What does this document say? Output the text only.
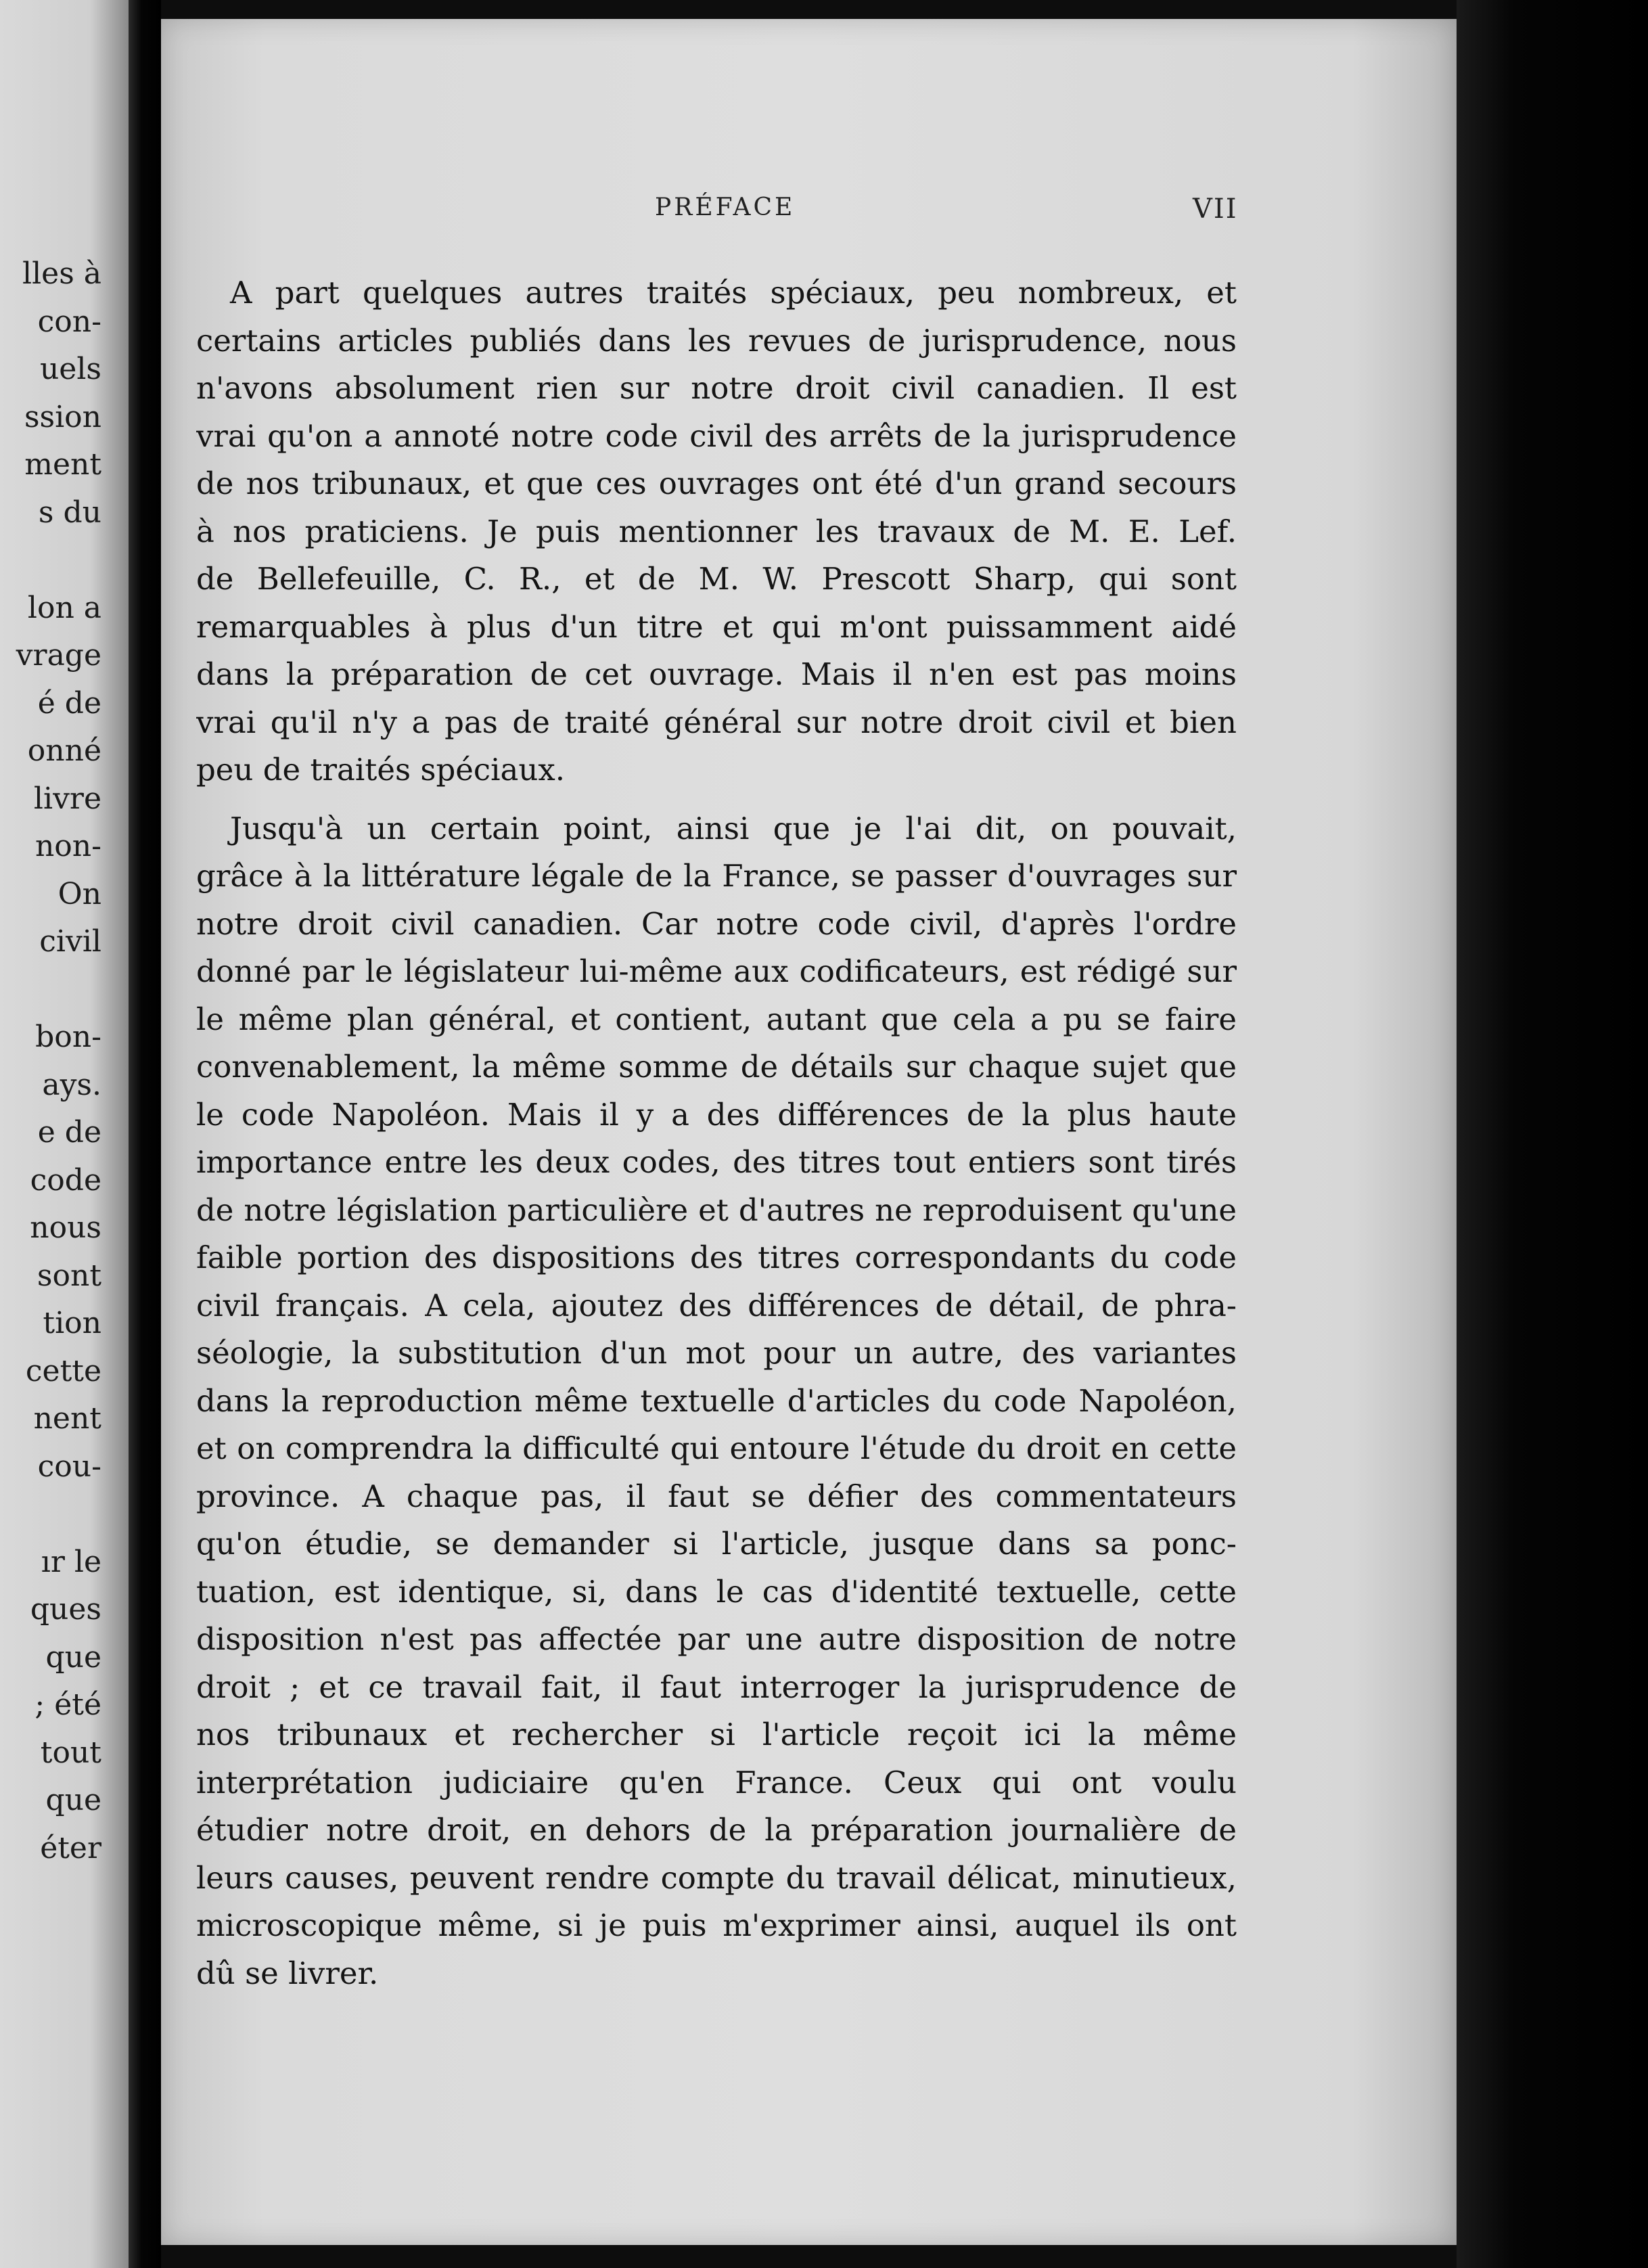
lles à
con-
uels
ssion
ment
s du
lon a
vrage
é de
onné
livre
non-
On
civil
bon-
ays.
e de
code
nous
sont
tion
cette
nent
cou-
ır le
ques
que
; été
tout
que
éter
PRÉFACE	VII

A part quelques autres traités spéciaux, peu nombreux, et
certains articles publiés dans les revues de jurisprudence, nous
n'avons absolument rien sur notre droit civil canadien. Il est
vrai qu'on a annoté notre code civil des arrêts de la jurisprudence
de nos tribunaux, et que ces ouvrages ont été d'un grand secours
à nos praticiens. Je puis mentionner les travaux de M. E. Lef.
de Bellefeuille, C. R., et de M. W. Prescott Sharp, qui sont
remarquables à plus d'un titre et qui m'ont puissamment aidé
dans la préparation de cet ouvrage. Mais il n'en est pas moins
vrai qu'il n'y a pas de traité général sur notre droit civil et bien
peu de traités spéciaux.

Jusqu'à un certain point, ainsi que je l'ai dit, on pouvait,
grâce à la littérature légale de la France, se passer d'ouvrages sur
notre droit civil canadien. Car notre code civil, d'après l'ordre
donné par le législateur lui-même aux codificateurs, est rédigé sur
le même plan général, et contient, autant que cela a pu se faire
convenablement, la même somme de détails sur chaque sujet que
le code Napoléon. Mais il y a des différences de la plus haute
importance entre les deux codes, des titres tout entiers sont tirés
de notre législation particulière et d'autres ne reproduisent qu'une
faible portion des dispositions des titres correspondants du code
civil français. A cela, ajoutez des différences de détail, de phra-
séologie, la substitution d'un mot pour un autre, des variantes
dans la reproduction même textuelle d'articles du code Napoléon,
et on comprendra la difficulté qui entoure l'étude du droit en cette
province. A chaque pas, il faut se défier des commentateurs
qu'on étudie, se demander si l'article, jusque dans sa ponc-
tuation, est identique, si, dans le cas d'identité textuelle, cette
disposition n'est pas affectée par une autre disposition de notre
droit ; et ce travail fait, il faut interroger la jurisprudence de
nos tribunaux et rechercher si l'article reçoit ici la même
interprétation judiciaire qu'en France. Ceux qui ont voulu
étudier notre droit, en dehors de la préparation journalière de
leurs causes, peuvent rendre compte du travail délicat, minutieux,
microscopique même, si je puis m'exprimer ainsi, auquel ils ont
dû se livrer.
